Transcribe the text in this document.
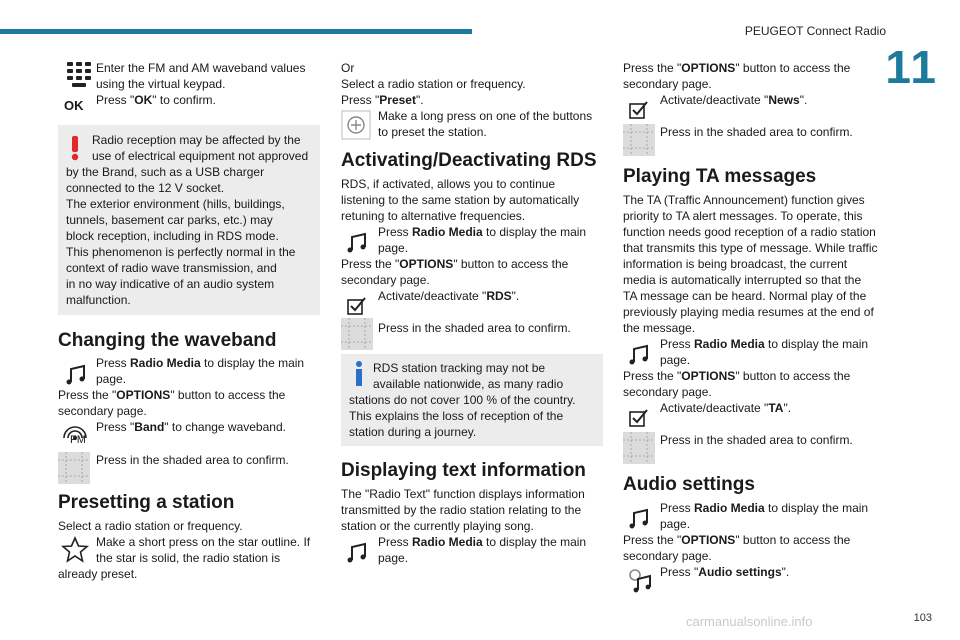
PEUGEOT Connect Radio
11
103

Enter the FM and AM waveband values

using the virtual keypad.

OK Press "OK" to confirm.

Radio reception may be affected by the

use of electrical equipment not approved

by the Brand, such as a USB charger

connected to the 12 V socket.

The exterior environment (hills, buildings,

tunnels, basement car parks, etc.) may

block reception, including in RDS mode.

This phenomenon is perfectly normal in the

context of radio wave transmission, and

in no way indicative of an audio system

malfunction.

Changing the waveband

Press Radio Media to display the main

page.

Press the "OPTIONS" button to access the

secondary page.

FM

Press "Band" to change waveband.

Press in the shaded area to confirm.

Presetting a station

Select a radio station or frequency.

Make a short press on the star outline. If

the star is solid, the radio station is

already preset.

Or

Select a radio station or frequency.

Press "Preset".

Make a long press on one of the buttons

to preset the station.

Activating/Deactivating RDS

RDS, if activated, allows you to continue

listening to the same station by automatically

retuning to alternative frequencies.

Press Radio Media to display the main

page.

Press the "OPTIONS" button to access the

secondary page.

Activate/deactivate "RDS".

Press in the shaded area to confirm.

RDS station tracking may not be

available nationwide, as many radio

stations do not cover 100 % of the country.

This explains the loss of reception of the

station during a journey.

Displaying text information

The "Radio Text" function displays information

transmitted by the radio station relating to the

station or the currently playing song.

Press Radio Media to display the main

page.

Press the "OPTIONS" button to access the

secondary page.

Activate/deactivate "News".

Press in the shaded area to confirm.

Playing TA messages

The TA (Traffic Announcement) function gives

priority to TA alert messages. To operate, this

function needs good reception of a radio station

that transmits this type of message. While traffic

information is being broadcast, the current

media is automatically interrupted so that the

TA message can be heard. Normal play of the

previously playing media resumes at the end of

the message.

Press Radio Media to display the main

page.

Press the "OPTIONS" button to access the

secondary page.

Activate/deactivate "TA".

Press in the shaded area to confirm.

Audio settings

Press Radio Media to display the main

page.

Press the "OPTIONS" button to access the

secondary page.

Press "Audio settings".

carmanualsonline.info
